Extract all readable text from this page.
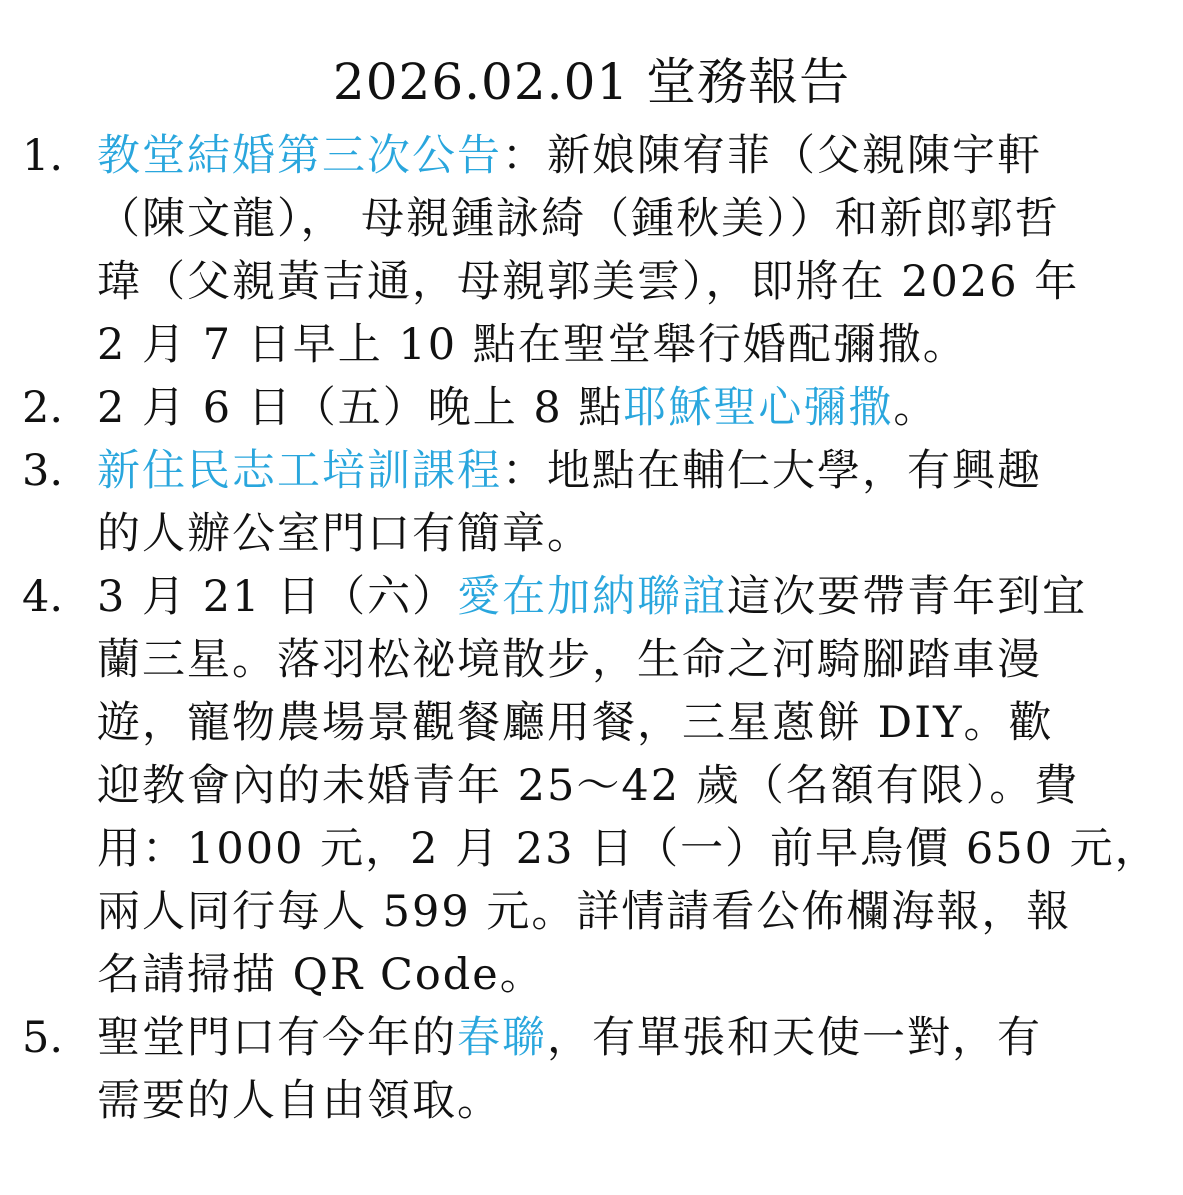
2026.02.01 堂務報告
1. 教堂結婚第三次公告：新娘陳宥菲（父親陳宇軒
（陳文龍）， 母親鍾詠綺（鍾秋美））和新郎郭哲
瑋（父親黃吉通，母親郭美雲），即將在 2026 年
2 月 7 日早上 10 點在聖堂舉行婚配彌撒。
2. 2 月 6 日（五）晚上 8 點耶穌聖心彌撒。
3. 新住民志工培訓課程：地點在輔仁大學，有興趣
的人辦公室門口有簡章。
4. 3 月 21 日（六）愛在加納聯誼這次要帶青年到宜
蘭三星。落羽松祕境散步，生命之河騎腳踏車漫
遊，寵物農場景觀餐廳用餐，三星蔥餅 DIY。歡
迎教會內的未婚青年 25～42 歲（名額有限）。費
用：1000 元，2 月 23 日（一）前早鳥價 650 元，
兩人同行每人 599 元。詳情請看公佈欄海報，報
名請掃描 QR Code。
5. 聖堂門口有今年的春聯，有單張和天使一對，有
需要的人自由領取。
